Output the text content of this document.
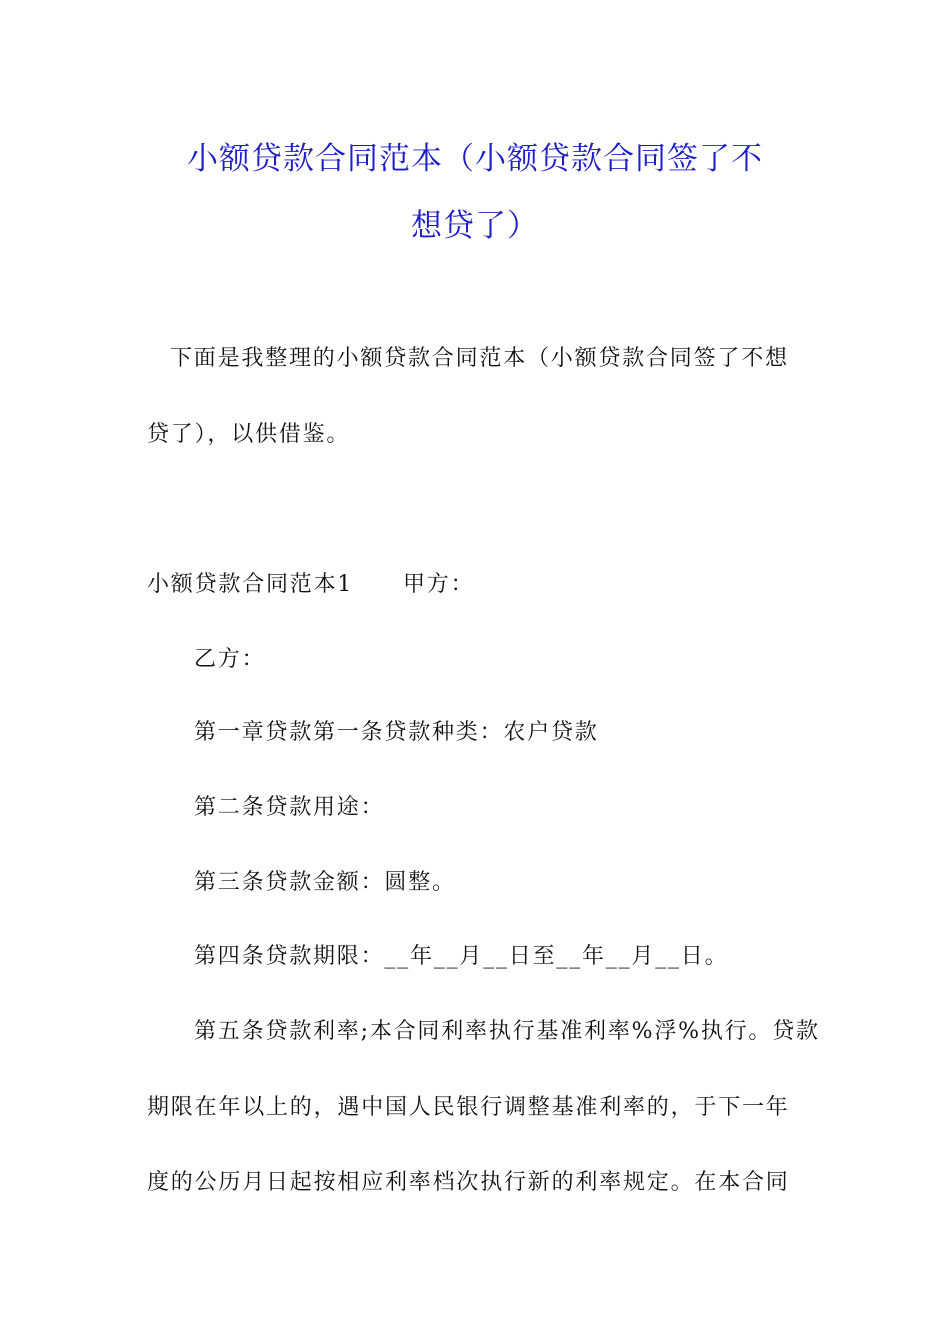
小额贷款合同范本（小额贷款合同签了不
想贷了）
下面是我整理的小额贷款合同范本（小额贷款合同签了不想
贷了），以供借鉴。
小额贷款合同范本1 甲方：
乙方：
第一章贷款第一条贷款种类：农户贷款
第二条贷款用途：
第三条贷款金额：圆整。
第四条贷款期限：__年__月__日至__年__月__日。
第五条贷款利率;本合同利率执行基准利率%浮%执行。贷款
期限在年以上的，遇中国人民银行调整基准利率的，于下一年
度的公历月日起按相应利率档次执行新的利率规定。在本合同
